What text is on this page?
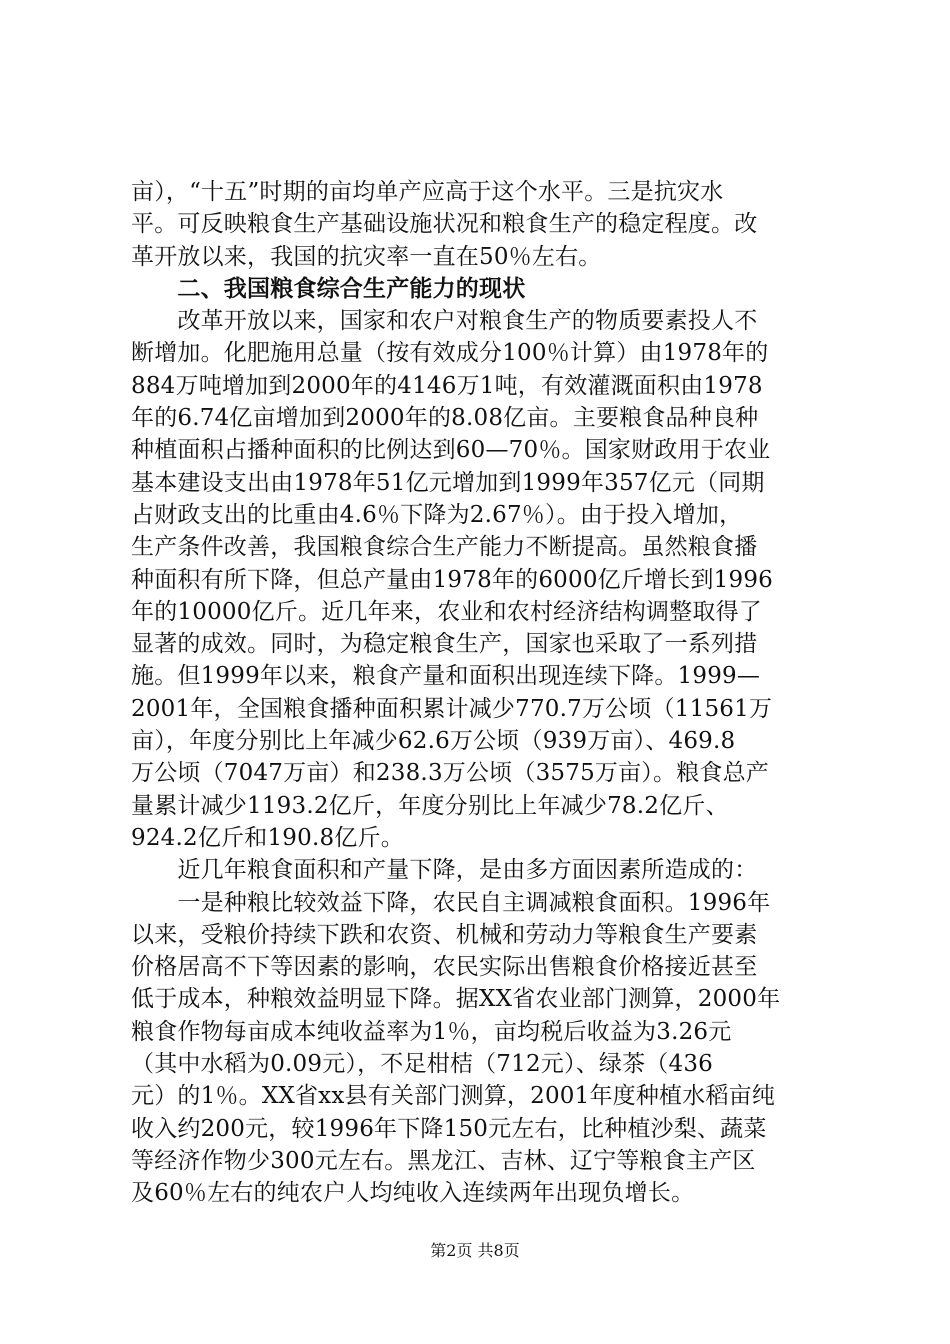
亩），“十五”时期的亩均单产应高于这个水平。三是抗灾水
平。可反映粮食生产基础设施状况和粮食生产的稳定程度。改
革开放以来，我国的抗灾率一直在50％左右。
　　二、我国粮食综合生产能力的现状
　　改革开放以来，国家和农户对粮食生产的物质要素投人不
断增加。化肥施用总量（按有效成分100％计算）由1978年的
884万吨增加到2000年的4146万1吨，有效灌溉面积由1978
年的6.74亿亩增加到2000年的8.08亿亩。主要粮食品种良种
种植面积占播种面积的比例达到60—70％。国家财政用于农业
基本建设支出由1978年51亿元增加到1999年357亿元（同期
占财政支出的比重由4.6％下降为2.67％）。由于投入增加，
生产条件改善，我国粮食综合生产能力不断提高。虽然粮食播
种面积有所下降，但总产量由1978年的6000亿斤增长到1996
年的10000亿斤。近几年来，农业和农村经济结构调整取得了
显著的成效。同时，为稳定粮食生产，国家也采取了一系列措
施。但1999年以来，粮食产量和面积出现连续下降。1999—
2001年，全国粮食播种面积累计减少770.7万公顷（11561万
亩），年度分别比上年减少62.6万公顷（939万亩）、469.8
万公顷（7047万亩）和238.3万公顷（3575万亩）。粮食总产
量累计减少1193.2亿斤，年度分别比上年减少78.2亿斤、
924.2亿斤和190.8亿斤。
　　近几年粮食面积和产量下降，是由多方面因素所造成的：
　　一是种粮比较效益下降，农民自主调减粮食面积。1996年
以来，受粮价持续下跌和农资、机械和劳动力等粮食生产要素
价格居高不下等因素的影响，农民实际出售粮食价格接近甚至
低于成本，种粮效益明显下降。据XX省农业部门测算，2000年
粮食作物每亩成本纯收益率为1％，亩均税后收益为3.26元
（其中水稻为0.09元），不足柑桔（712元）、绿茶（436
元）的1％。XX省xx县有关部门测算，2001年度种植水稻亩纯
收入约200元，较1996年下降150元左右，比种植沙梨、蔬菜
等经济作物少300元左右。黑龙江、吉林、辽宁等粮食主产区
及60％左右的纯农户人均纯收入连续两年出现负增长。
第2页 共8页
